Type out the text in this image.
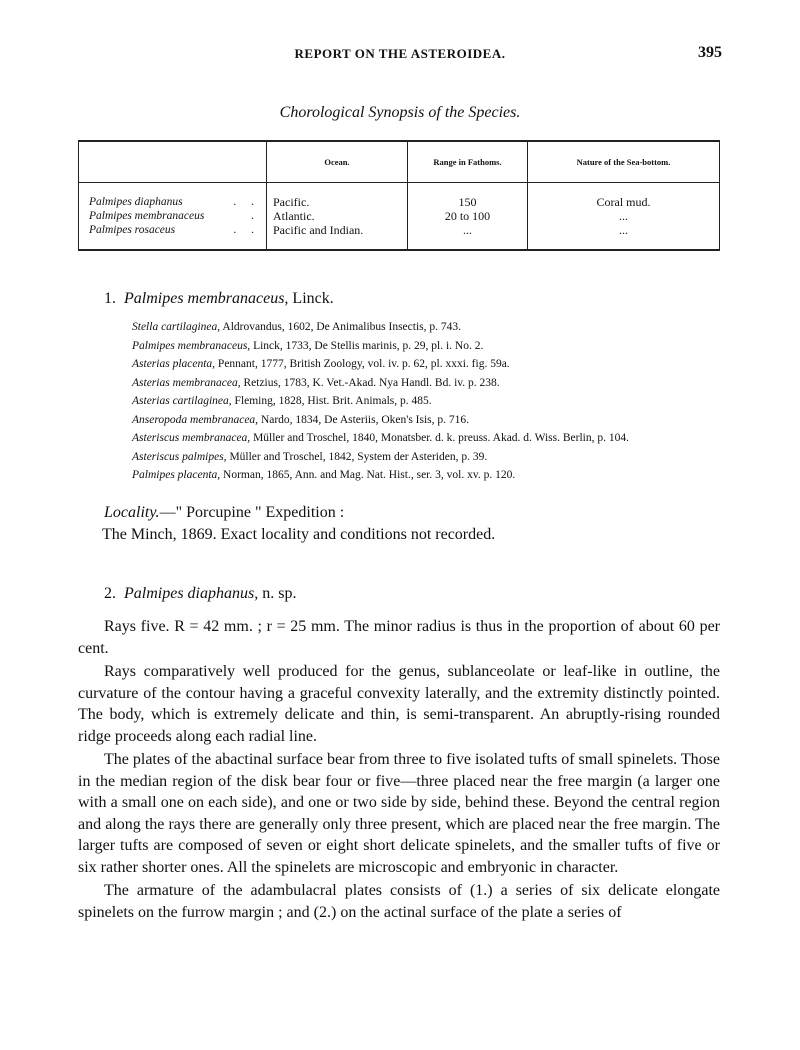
REPORT ON THE ASTEROIDEA.	395
Chorological Synopsis of the Species.
	Ocean.	Range in Fathoms.	Nature of the Sea-bottom.

. .
Palmipes diaphanus	Pacific.	150	Coral mud.

.
Palmipes membranaceus	Atlantic.	20 to 100	...

. .
Palmipes rosaceus	Pacific and Indian.	...	...
1. Palmipes membranaceus, Linck.

Stella cartilaginea, Aldrovandus, 1602, De Animalibus Insectis, p. 743.

Palmipes membranaceus, Linck, 1733, De Stellis marinis, p. 29, pl. i. No. 2.

Asterias placenta, Pennant, 1777, British Zoology, vol. iv. p. 62, pl. xxxi. fig. 59a.

Asterias membranacea, Retzius, 1783, K. Vet.-Akad. Nya Handl. Bd. iv. p. 238.

Asterias cartilaginea, Fleming, 1828, Hist. Brit. Animals, p. 485.

Anseropoda membranacea, Nardo, 1834, De Asteriis, Oken's Isis, p. 716.

Asteriscus membranacea, Müller and Troschel, 1840, Monatsber. d. k. preuss. Akad. d. Wiss. Berlin, p. 104.

Asteriscus palmipes, Müller and Troschel, 1842, System der Asteriden, p. 39.

Palmipes placenta, Norman, 1865, Ann. and Mag. Nat. Hist., ser. 3, vol. xv. p. 120.

Locality.—" Porcupine " Expedition :
The Minch, 1869. Exact locality and conditions not recorded.
2. Palmipes diaphanus, n. sp.

Rays five. R = 42 mm. ; r = 25 mm. The minor radius is thus in the proportion of about 60 per cent.

Rays comparatively well produced for the genus, sublanceolate or leaf-like in outline, the curvature of the contour having a graceful convexity laterally, and the extremity distinctly pointed. The body, which is extremely delicate and thin, is semi-transparent. An abruptly-rising rounded ridge proceeds along each radial line.

The plates of the abactinal surface bear from three to five isolated tufts of small spinelets. Those in the median region of the disk bear four or five—three placed near the free margin (a larger one with a small one on each side), and one or two side by side, behind these. Beyond the central region and along the rays there are generally only three present, which are placed near the free margin. The larger tufts are composed of seven or eight short delicate spinelets, and the smaller tufts of five or six rather shorter ones. All the spinelets are microscopic and embryonic in character.

The armature of the adambulacral plates consists of (1.) a series of six delicate elongate spinelets on the furrow margin ; and (2.) on the actinal surface of the plate a series of
